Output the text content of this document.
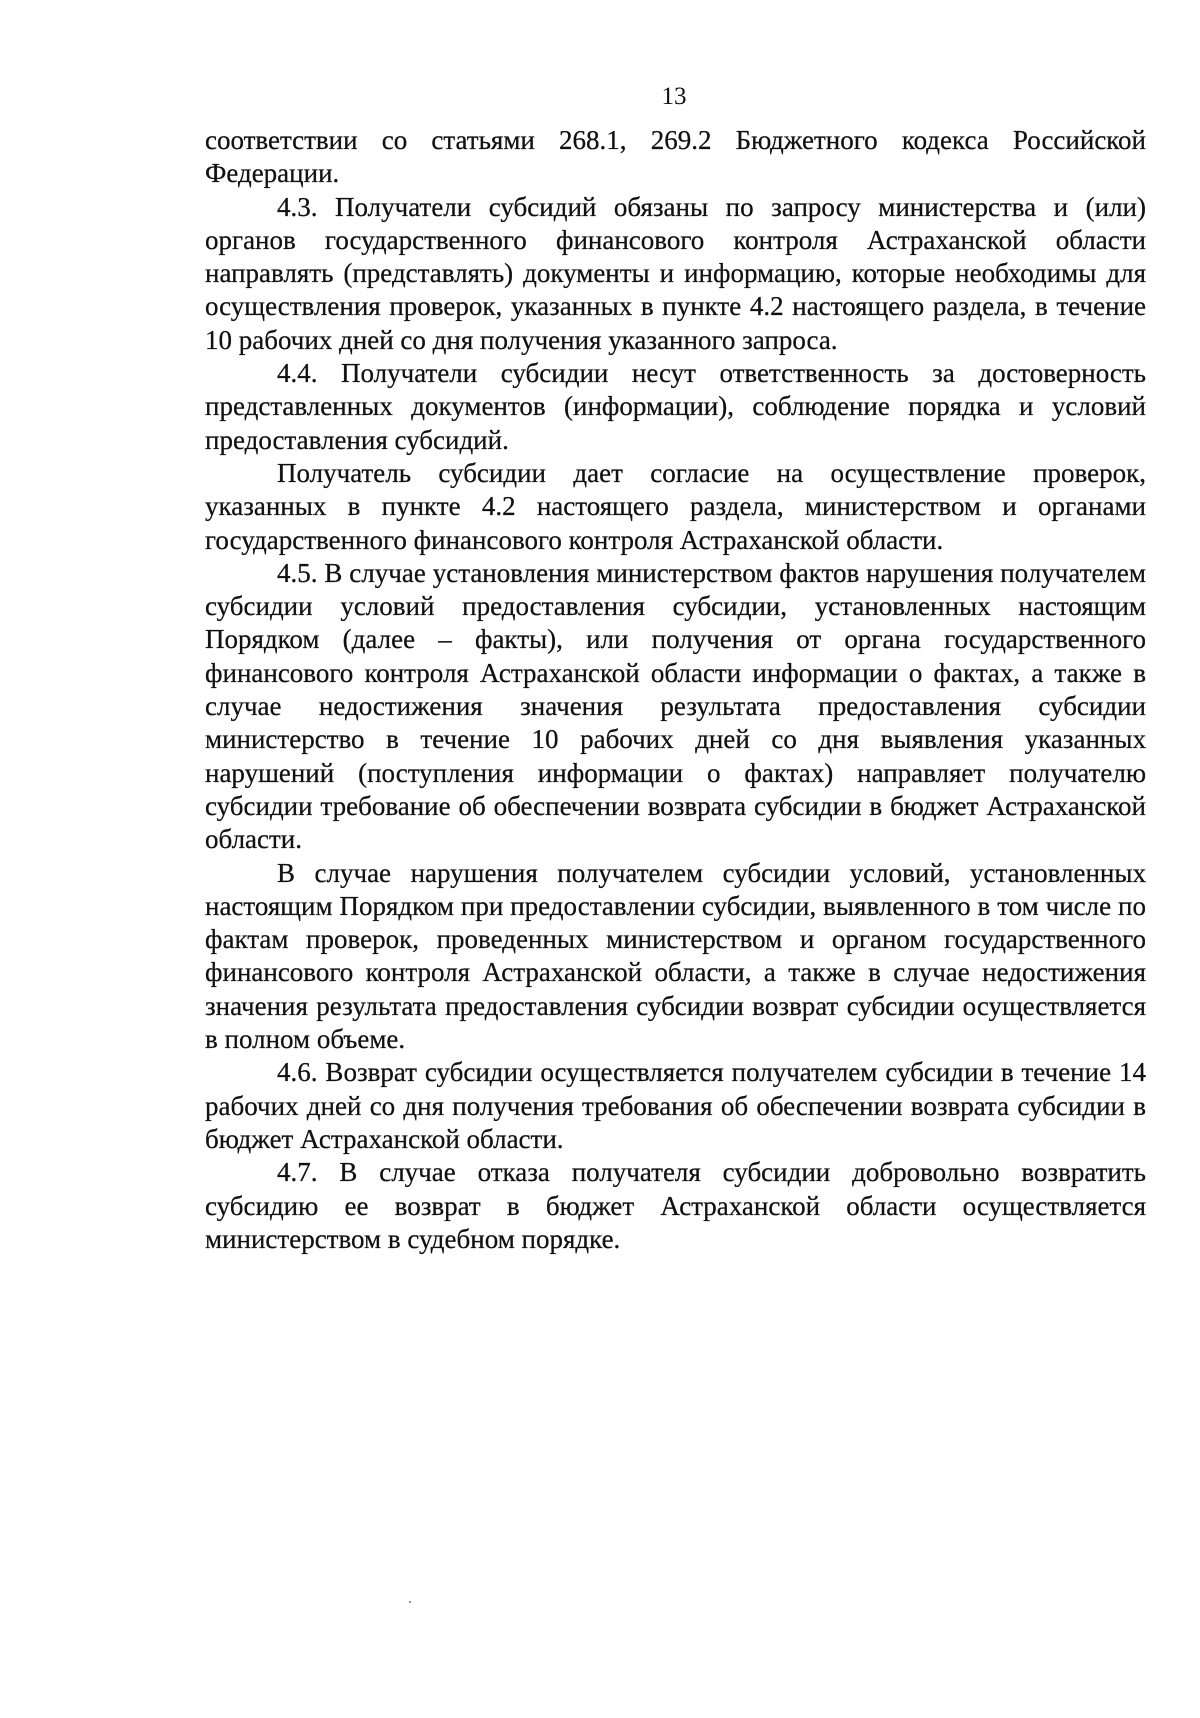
13

соответствии со статьями 268.1, 269.2 Бюджетного кодекса Российской Федерации.

4.3. Получатели субсидий обязаны по запросу министерства и (или) органов государственного финансового контроля Астраханской области направлять (представлять) документы и информацию, которые необходимы для осуществления проверок, указанных в пункте 4.2 настоящего раздела, в течение 10 рабочих дней со дня получения указанного запроса.

4.4. Получатели субсидии несут ответственность за достоверность представленных документов (информации), соблюдение порядка и условий предоставления субсидий.

Получатель субсидии дает согласие на осуществление проверок, указанных в пункте 4.2 настоящего раздела, министерством и органами государственного финансового контроля Астраханской области.

4.5. В случае установления министерством фактов нарушения получателем субсидии условий предоставления субсидии, установленных настоящим Порядком (далее – факты), или получения от органа государственного финансового контроля Астраханской области информации о фактах, а также в случае недостижения значения результата предоставления субсидии министерство в течение 10 рабочих дней со дня выявления указанных нарушений (поступления информации о фактах) направляет получателю субсидии требование об обеспечении возврата субсидии в бюджет Астраханской области.

В случае нарушения получателем субсидии условий, установленных настоящим Порядком при предоставлении субсидии, выявленного в том числе по фактам проверок, проведенных министерством и органом государственного финансового контроля Астраханской области, а также в случае недостижения значения результата предоставления субсидии возврат субсидии осуществляется в полном объеме.

4.6. Возврат субсидии осуществляется получателем субсидии в течение 14 рабочих дней со дня получения требования об обеспечении возврата субсидии в бюджет Астраханской области.

4.7. В случае отказа получателя субсидии добровольно возвратить субсидию ее возврат в бюджет Астраханской области осуществляется министерством в судебном порядке.
